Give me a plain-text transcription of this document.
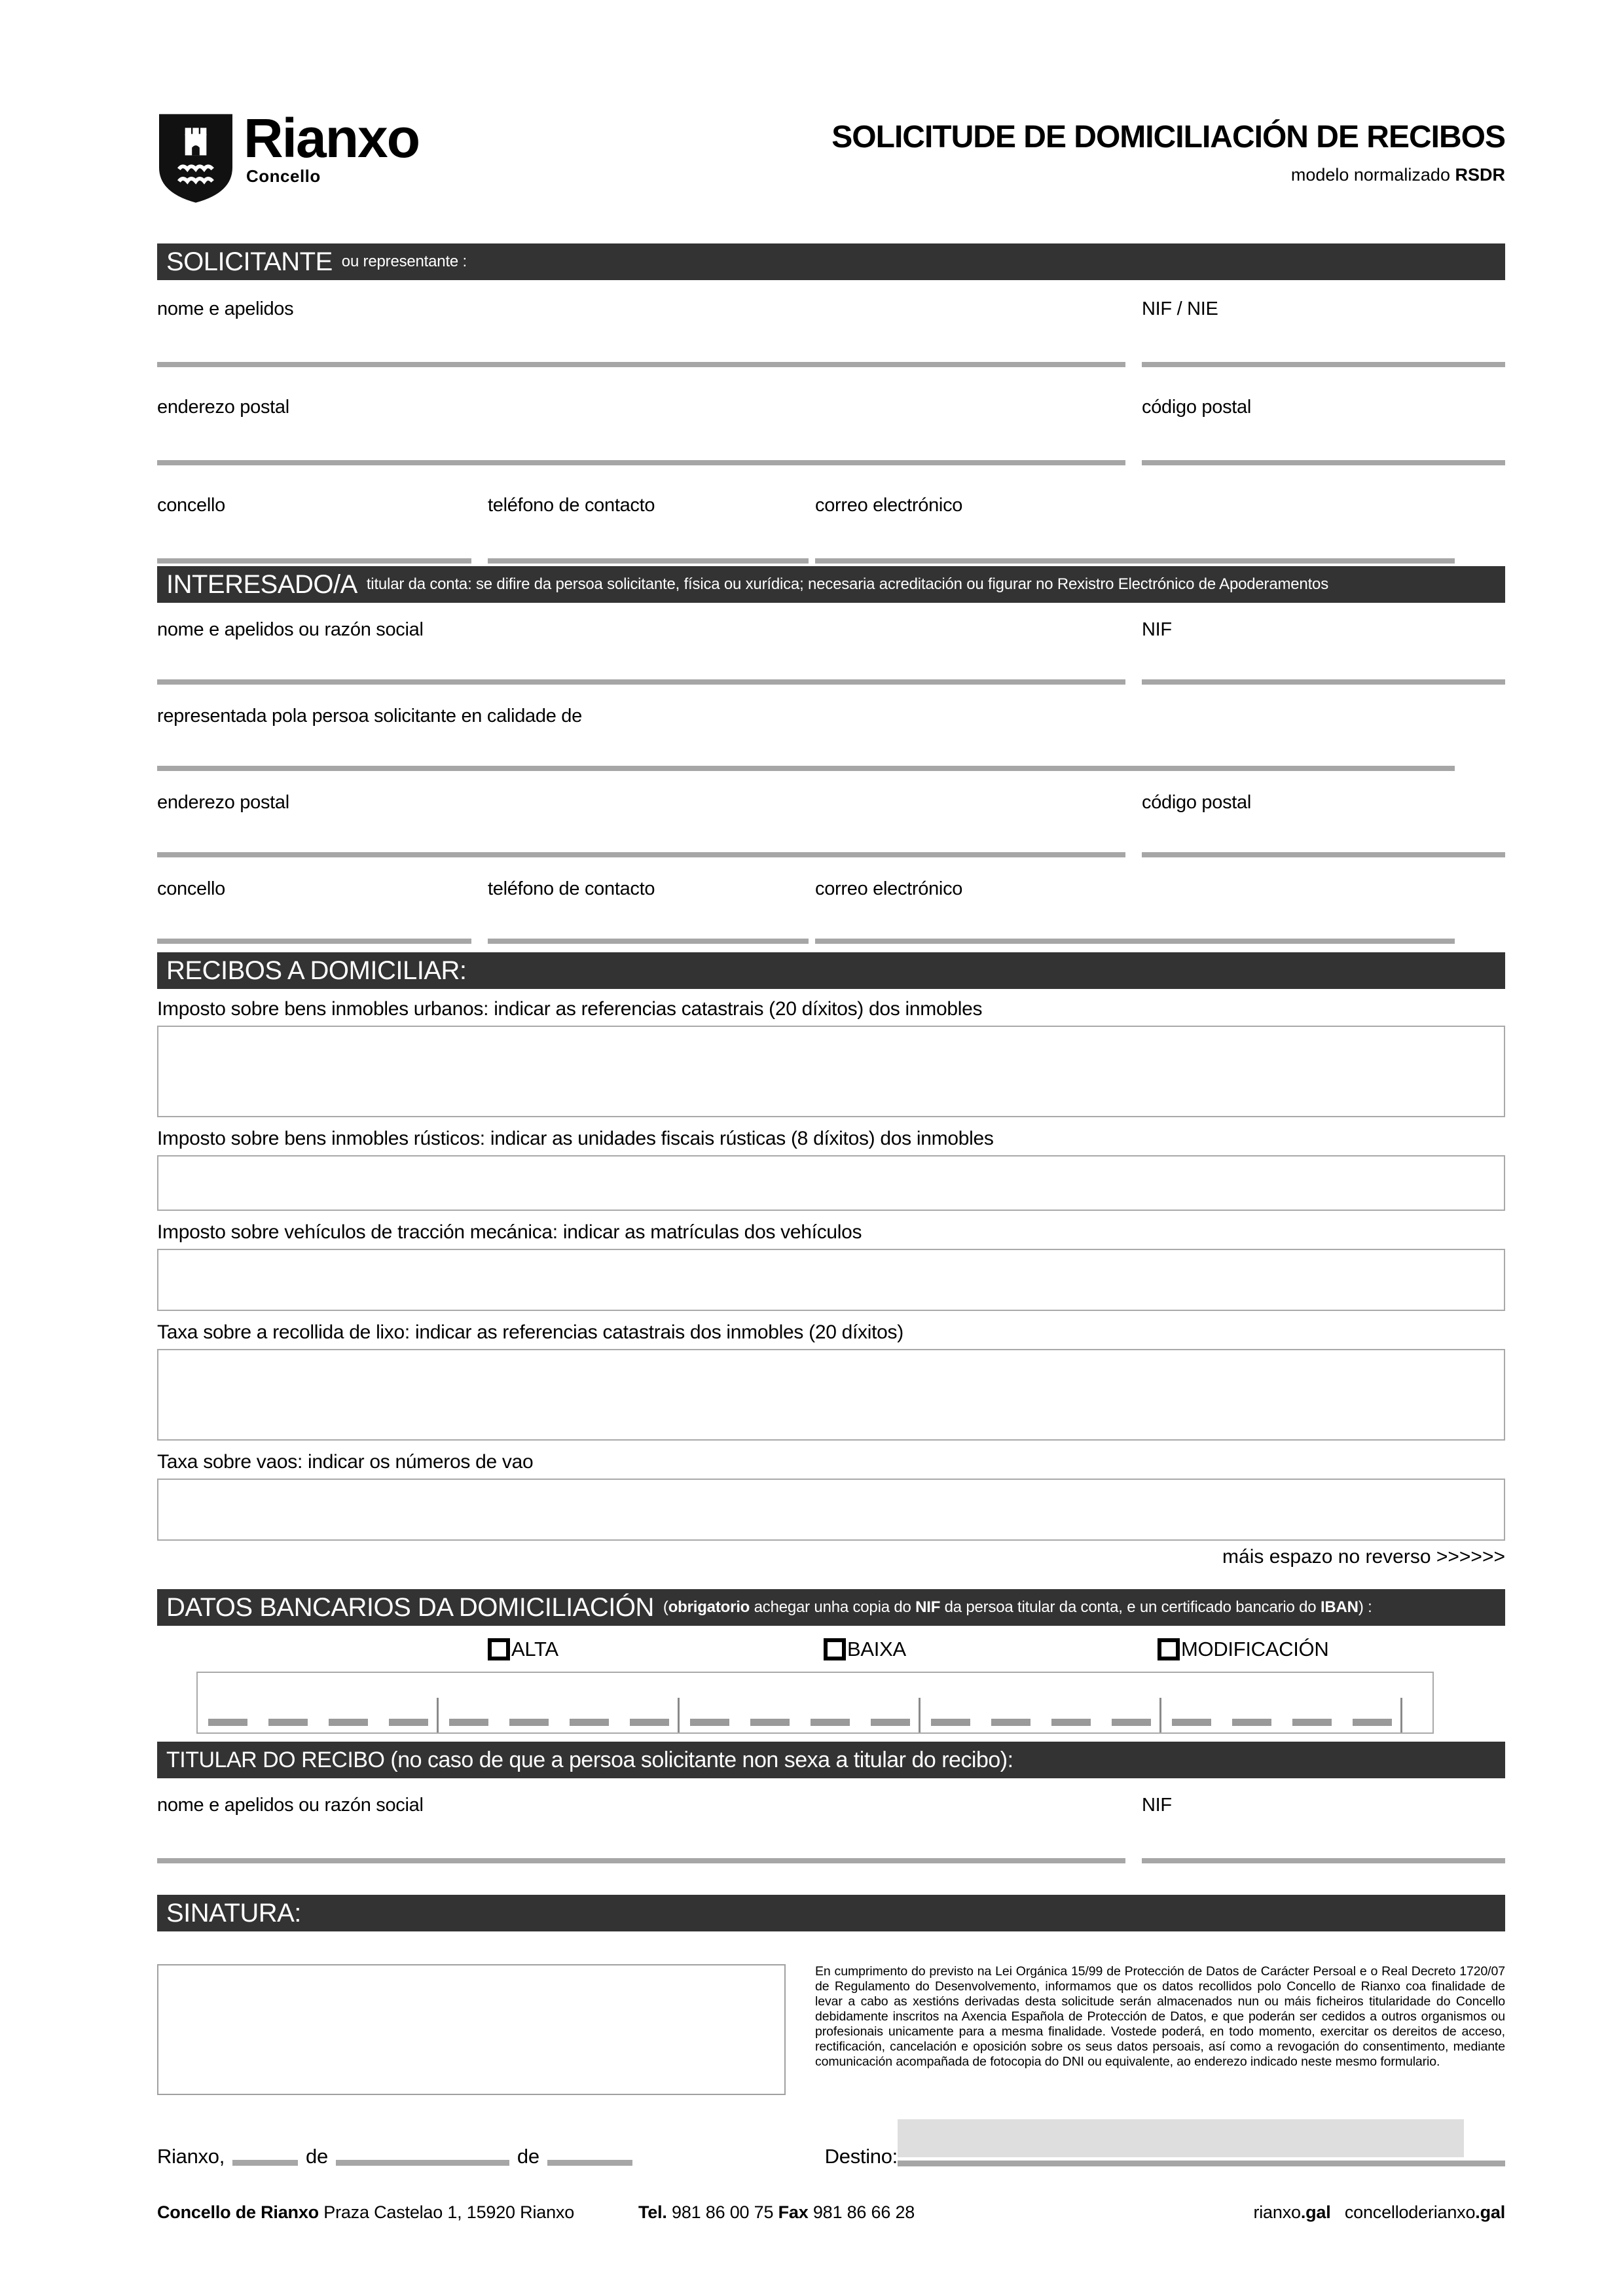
Rianxo
Concello
SOLICITUDE DE DOMICILIACIÓN DE RECIBOS
modelo normalizado RSDR
SOLICITANTE ou representante :
nome e apelidos	NIF / NIE
enderezo postal	código postal
concello	teléfono de contacto	correo electrónico
INTERESADO/A titular da conta: se difire da persoa solicitante, física ou xurídica; necesaria acreditación ou figurar no Rexistro Electrónico de Apoderamentos
nome e apelidos ou razón social	NIF
representada pola persoa solicitante en calidade de
enderezo postal	código postal
concello	teléfono de contacto	correo electrónico
RECIBOS A DOMICILIAR:
Imposto sobre bens inmobles urbanos: indicar as referencias catastrais (20 díxitos) dos inmobles
Imposto sobre bens inmobles rústicos: indicar as unidades fiscais rústicas (8 díxitos) dos inmobles
Imposto sobre vehículos de tracción mecánica: indicar as matrículas dos vehículos
Taxa sobre a recollida de lixo: indicar as referencias catastrais dos inmobles (20 díxitos)
Taxa sobre vaos: indicar os números de vao
máis espazo no reverso >>>>>>
DATOS BANCARIOS DA DOMICILIACIÓN (obrigatorio achegar unha copia do NIF da persoa titular da conta, e un certificado bancario do IBAN) :
ALTA	BAIXA	MODIFICACIÓN
TITULAR DO RECIBO (no caso de que a persoa solicitante non sexa a titular do recibo):
nome e apelidos ou razón social	NIF
SINATURA:
En cumprimento do previsto na Lei Orgánica 15/99 de Protección de Datos de Carácter Persoal e o Real Decreto 1720/07 de Regulamento do Desenvolvemento, informamos que os datos recollidos polo Concello de Rianxo coa finalidade de levar a cabo as xestións derivadas desta solicitude serán almacenados nun ou máis ficheiros titularidade do Concello debidamente inscritos na Axencia Española de Protección de Datos, e que poderán ser cedidos a outros organismos ou profesionais unicamente para a mesma finalidade. Vostede poderá, en todo momento, exercitar os dereitos de acceso, rectificación, cancelación e oposición sobre os seus datos persoais, así como a revogación do consentimento, mediante comunicación acompañada de fotocopia do DNI ou equivalente, ao enderezo indicado neste mesmo formulario.
Rianxo,	de	de	Destino:
Concello de Rianxo Praza Castelao 1, 15920 Rianxo	Tel. 981 86 00 75 Fax 981 86 66 28	rianxo.gal concelloderianxo.gal
